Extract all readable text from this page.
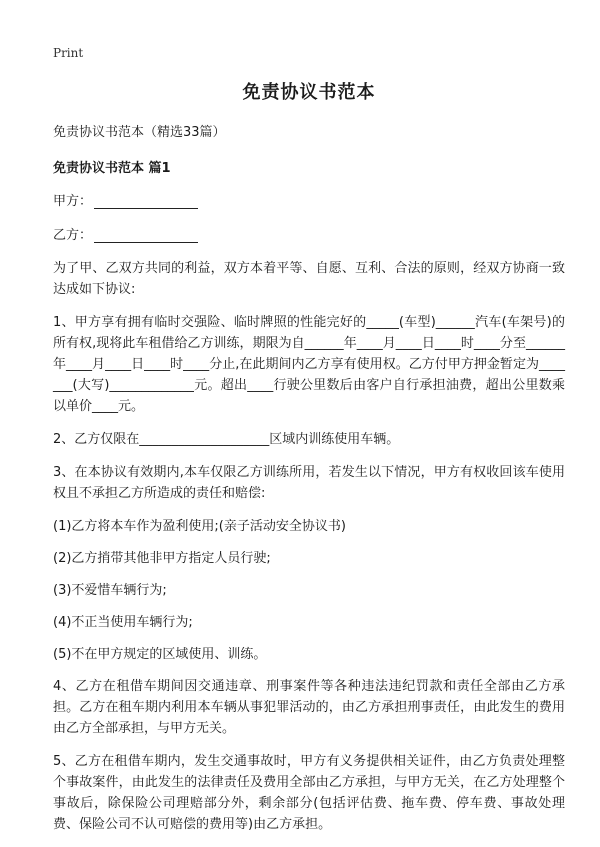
Print
免责协议书范本
免责协议书范本（精选33篇）
免责协议书范本 篇1
甲方：
乙方：

为了甲、乙双方共同的利益，双方本着平等、自愿、互利、合法的原则，经双方协商一致达成如下协议:

1、甲方享有拥有临时交强险、临时牌照的性能完好的_____(车型)______汽车(车架号)的所有权,现将此车租借给乙方训练，期限为自______年____月____日____时____分至______年____月____日____时____分止,在此期间内乙方享有使用权。乙方付甲方押金暂定为_______(大写)_____________元。超出____行驶公里数后由客户自行承担油费，超出公里数乘以单价____元。

2、乙方仅限在____________________区域内训练使用车辆。

3、在本协议有效期内,本车仅限乙方训练所用，若发生以下情况，甲方有权收回该车使用权且不承担乙方所造成的责任和赔偿:

(1)乙方将本车作为盈利使用;(亲子活动安全协议书)
(2)乙方捎带其他非甲方指定人员行驶;
(3)不爱惜车辆行为;
(4)不正当使用车辆行为;
(5)不在甲方规定的区域使用、训练。

4、乙方在租借车期间因交通违章、刑事案件等各种违法违纪罚款和责任全部由乙方承担。乙方在租车期内利用本车辆从事犯罪活动的，由乙方承担刑事责任，由此发生的费用由乙方全部承担，与甲方无关。

5、乙方在租借车期内，发生交通事故时，甲方有义务提供相关证件，由乙方负责处理整个事故案件，由此发生的法律责任及费用全部由乙方承担，与甲方无关，在乙方处理整个事故后，除保险公司理赔部分外，剩余部分(包括评估费、拖车费、停车费、事故处理费、保险公司不认可赔偿的费用等)由乙方承担。
